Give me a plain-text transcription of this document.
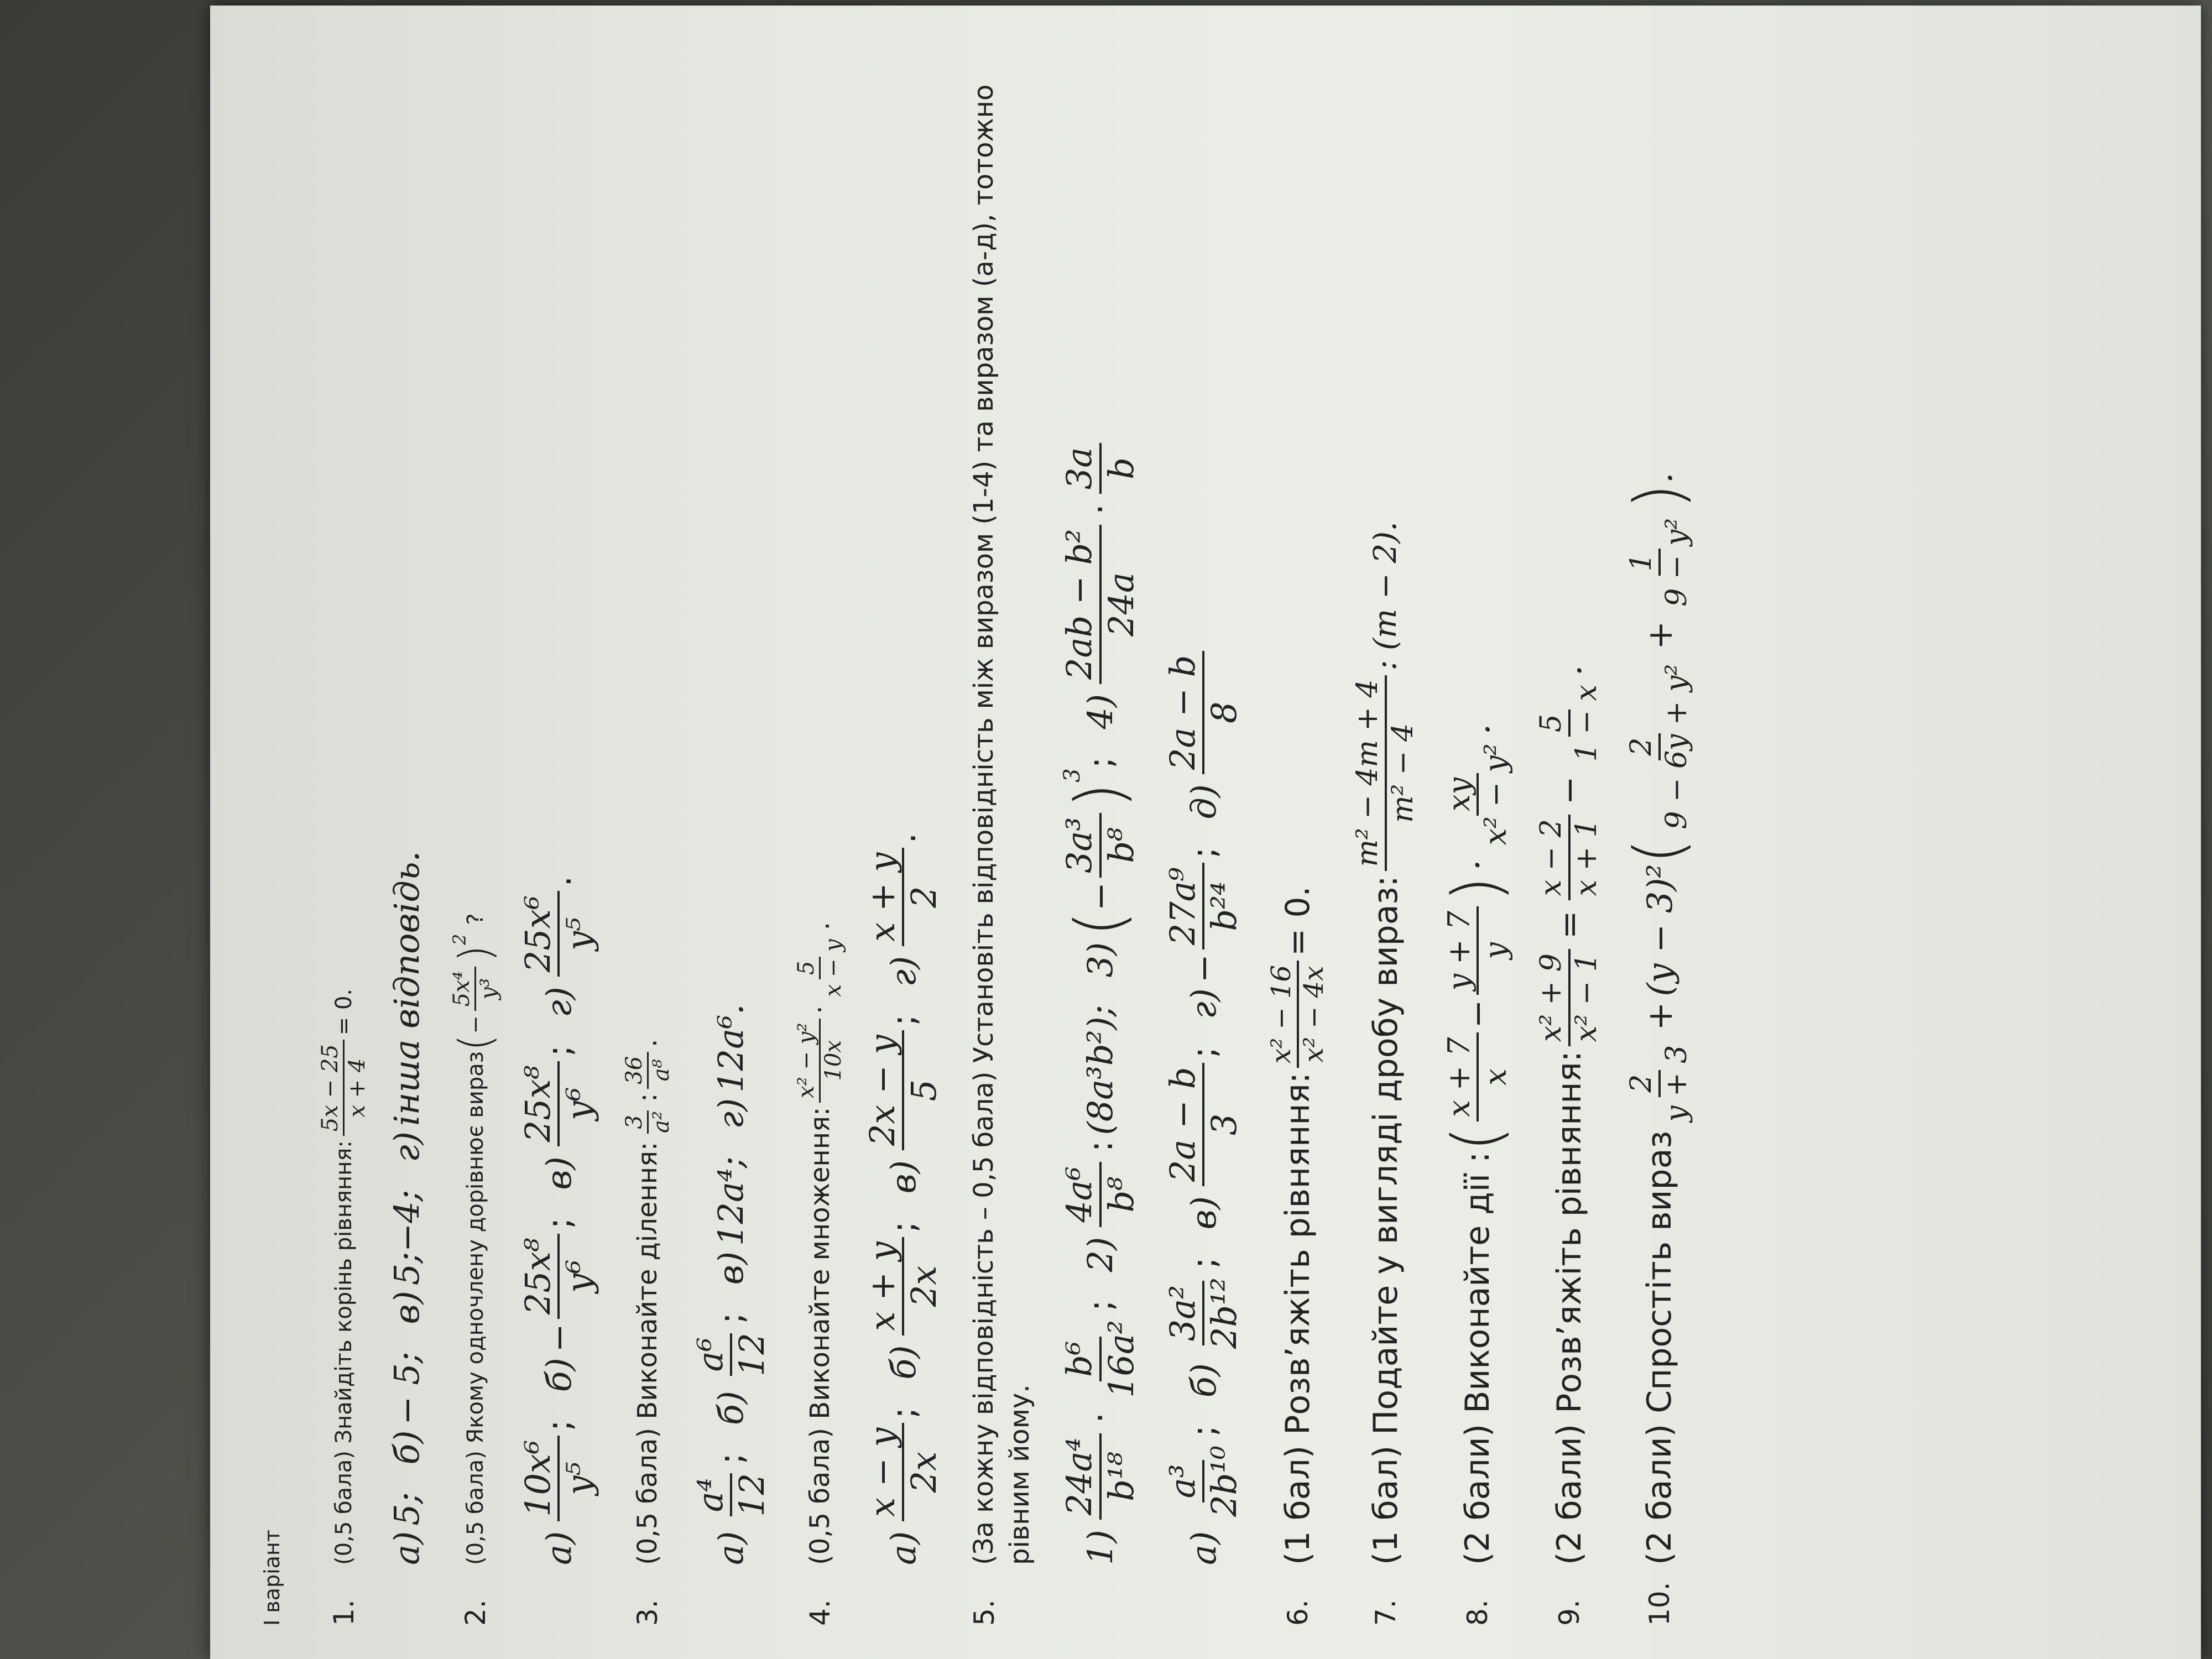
І варіант 1.
(0,5 бала) Знайдіть корінь рівняння:
5x − 25 x + 4
= 0.
а)
5;
б)
− 5;
в)
5;−4;
г)
інша відповідь.
2.
(0,5 бала) Якому одночлену дорівнює вираз
(
−
5x⁴ y³
)
2
?
а)
10x⁶ y⁵
;
б)
−
25x⁸ y⁶
;
в)
25x⁸ y⁶
;
г)
25x⁶ y⁵
.
3.
(0,5 бала) Виконайте ділення:
3 a²
:
36 a⁸
.
а)
a⁴ 12
;
б)
a⁶ 12
;
в)
12a⁴;
г)
12a⁶.
4.
(0,5 бала) Виконайте множення:
x² − y² 10x
·
5 x − y
.
а)
x − y 2x
;
б)
x + y 2x
;
в)
2x − y 5
;
г)
x + y 2
.
5.
(За кожну відповідність – 0,5 бала) Установіть відповідність між виразом (1-4) та виразом (а-д), тотожно рівним йому. 1)
24a⁴ b¹⁸
·
b⁶ 16a²
;
2)
4a⁶ b⁸
:
(8a³b²);
3)
(
−
3a³ b⁸
)
3
;
4)
2ab − b² 24a
·
3a b
а)
a³ 2b¹⁰
;
б)
3a² 2b¹²
;
в)
2a − b 3
;
г)
−
27a⁹ b²⁴
;
д)
2a − b 8
6.
(1 бал) Розв’яжіть рівняння:
x² − 16 x² − 4x
= 0.
7.
(1 бал) Подайте у вигляді дробу вираз:
m² − 4m + 4 m² − 4
: (m − 2).
8.
(2 бали) Виконайте дії :
(
x + 7 x
−
y + 7 y
)
·
xy x² − y²
.
9.
(2 бали) Розв’яжіть рівняння:
x² + 9 x² − 1
=
x − 2 x + 1
−
5 1 − x
.
10.
(2 бали) Спростіть вираз
2 y + 3
+
(y − 3)²
(
2 9 − 6y + y²
+
1 9 − y²
)
.
